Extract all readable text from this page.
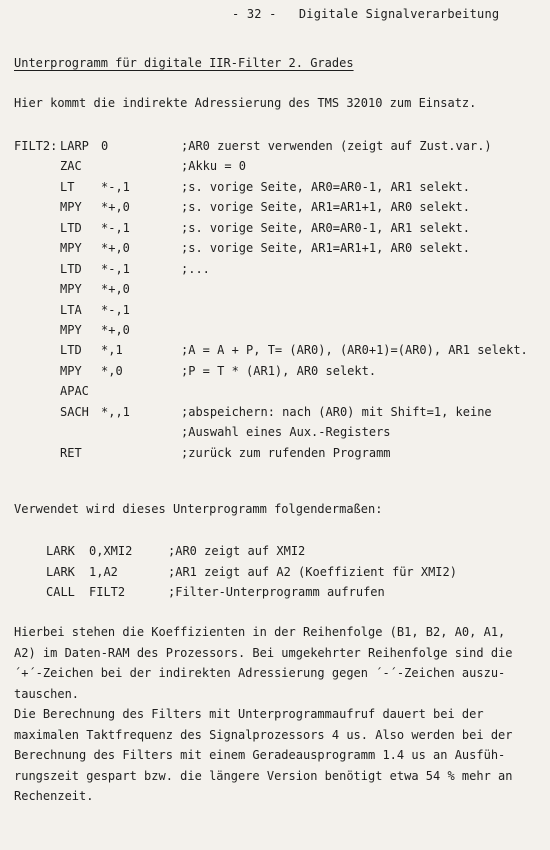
- 32 - Digitale Signalverarbeitung
Unterprogramm für digitale IIR-Filter 2. Grades
Hier kommt die indirekte Adressierung des TMS 32010 zum Einsatz.
FILT2: LARP 0	;AR0 zuerst verwenden (zeigt auf Zust.var.)
ZAC	;Akku = 0
LT *-,1	;s. vorige Seite, AR0=AR0-1, AR1 selekt.
MPY *+,0	;s. vorige Seite, AR1=AR1+1, AR0 selekt.
LTD *-,1	;s. vorige Seite, AR0=AR0-1, AR1 selekt.
MPY *+,0	;s. vorige Seite, AR1=AR1+1, AR0 selekt.
LTD *-,1	;...
MPY *+,0
LTA *-,1
MPY *+,0
LTD *,1	;A = A + P, T= (AR0), (AR0+1)=(AR0), AR1 selekt.
MPY *,0	;P = T * (AR1), AR0 selekt.
APAC
SACH *,,1	;abspeichern: nach (AR0) mit Shift=1, keine
;Auswahl eines Aux.-Registers
RET	;zurück zum rufenden Programm
Verwendet wird dieses Unterprogramm folgendermaßen:
LARK 0,XMI2	;AR0 zeigt auf XMI2
LARK 1,A2	;AR1 zeigt auf A2 (Koeffizient für XMI2)
CALL FILT2	;Filter-Unterprogramm aufrufen
Hierbei stehen die Koeffizienten in der Reihenfolge (B1, B2, A0, A1,
A2) im Daten-RAM des Prozessors. Bei umgekehrter Reihenfolge sind die
´+´-Zeichen bei der indirekten Adressierung gegen ´-´-Zeichen auszu-
tauschen.
Die Berechnung des Filters mit Unterprogrammaufruf dauert bei der
maximalen Taktfrequenz des Signalprozessors 4 us. Also werden bei der
Berechnung des Filters mit einem Geradeausprogramm 1.4 us an Ausfüh-
rungszeit gespart bzw. die längere Version benötigt etwa 54 % mehr an
Rechenzeit.
